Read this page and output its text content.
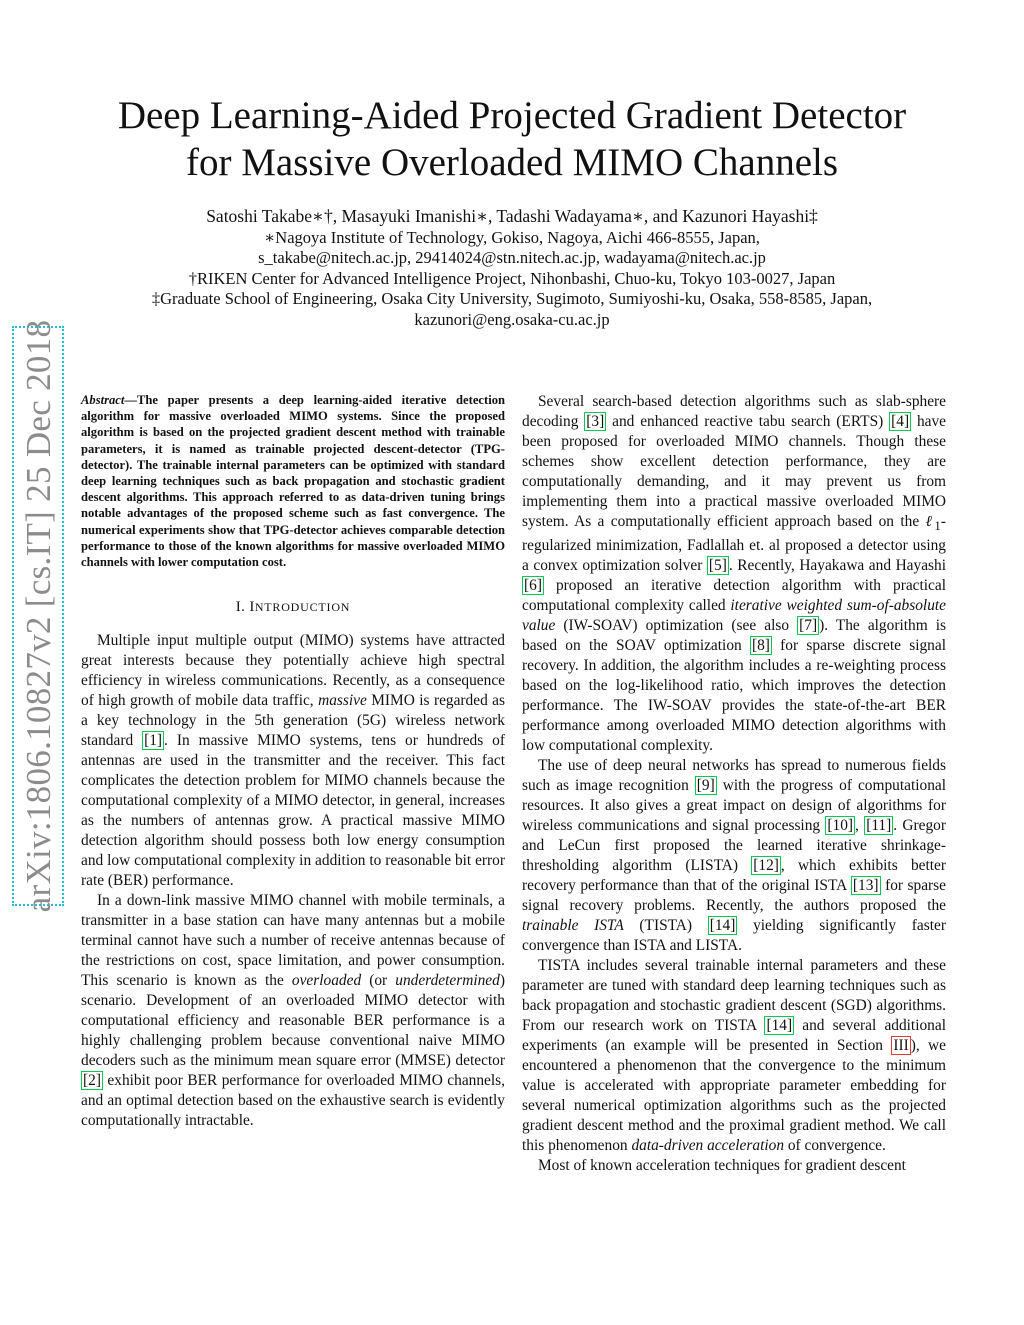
Deep Learning-Aided Projected Gradient Detector
for Massive Overloaded MIMO Channels
Satoshi Takabe∗†, Masayuki Imanishi∗, Tadashi Wadayama∗, and Kazunori Hayashi‡
∗Nagoya Institute of Technology, Gokiso, Nagoya, Aichi 466-8555, Japan,
s_takabe@nitech.ac.jp, 29414024@stn.nitech.ac.jp, wadayama@nitech.ac.jp
†RIKEN Center for Advanced Intelligence Project, Nihonbashi, Chuo-ku, Tokyo 103-0027, Japan
‡Graduate School of Engineering, Osaka City University, Sugimoto, Sumiyoshi-ku, Osaka, 558-8585, Japan,
kazunori@eng.osaka-cu.ac.jp
arXiv:1806.10827v2 [cs.IT] 25 Dec 2018 Abstract—The paper presents a deep learning-aided iterative detection algorithm for massive overloaded MIMO systems. Since the proposed algorithm is based on the projected gradient descent method with trainable parameters, it is named as trainable projected descent-detector (TPG-detector). The trainable internal parameters can be optimized with standard deep learning techniques such as back propagation and stochastic gradient descent algorithms. This approach referred to as data-driven tuning brings notable advantages of the proposed scheme such as fast convergence. The numerical experiments show that TPG-detector achieves comparable detection performance to those of the known algorithms for massive overloaded MIMO channels with lower computation cost.

I. INTRODUCTION

Multiple input multiple output (MIMO) systems have attracted great interests because they potentially achieve high spectral efficiency in wireless communications. Recently, as a consequence of high growth of mobile data traffic, massive MIMO is regarded as a key technology in the 5th generation (5G) wireless network standard [1] . In massive MIMO systems, tens or hundreds of antennas are used in the transmitter and the receiver. This fact complicates the detection problem for MIMO channels because the computational complexity of a MIMO detector, in general, increases as the numbers of antennas grow. A practical massive MIMO detection algorithm should possess both low energy consumption and low computational complexity in addition to reasonable bit error rate (BER) performance.

In a down-link massive MIMO channel with mobile terminals, a transmitter in a base station can have many antennas but a mobile terminal cannot have such a number of receive antennas because of the restrictions on cost, space limitation, and power consumption. This scenario is known as the overloaded (or underdetermined) scenario. Development of an overloaded MIMO detector with computational efficiency and reasonable BER performance is a highly challenging problem because conventional naive MIMO decoders such as the minimum mean square error (MMSE) detector [2] exhibit poor BER performance for overloaded MIMO channels, and an optimal detection based on the exhaustive search is evidently computationally intractable.

Several search-based detection algorithms such as slab-sphere decoding [3] and enhanced reactive tabu search (ERTS) [4] have been proposed for overloaded MIMO channels. Though these schemes show excellent detection performance, they are computationally demanding, and it may prevent us from implementing them into a practical massive overloaded MIMO system. As a computationally efficient approach based on the ℓ$_1$-regularized minimization, Fadlallah et. al proposed a detector using a convex optimization solver [5] . Recently, Hayakawa and Hayashi [6] proposed an iterative detection algorithm with practical computational complexity called iterative weighted sum-of-absolute value (IW-SOAV) optimization (see also [7] ). The algorithm is based on the SOAV optimization [8] for sparse discrete signal recovery. In addition, the algorithm includes a re-weighting process based on the log-likelihood ratio, which improves the detection performance. The IW-SOAV provides the state-of-the-art BER performance among overloaded MIMO detection algorithms with low computational complexity.

The use of deep neural networks has spread to numerous fields such as image recognition [9] with the progress of computational resources. It also gives a great impact on design of algorithms for wireless communications and signal processing [10] , [11] . Gregor and LeCun first proposed the learned iterative shrinkage-thresholding algorithm (LISTA) [12] , which exhibits better recovery performance than that of the original ISTA [13] for sparse signal recovery problems. Recently, the authors proposed the trainable ISTA (TISTA) [14] yielding significantly faster convergence than ISTA and LISTA.

TISTA includes several trainable internal parameters and these parameter are tuned with standard deep learning techniques such as back propagation and stochastic gradient descent (SGD) algorithms. From our research work on TISTA [14] and several additional experiments (an example will be presented in Section III ), we encountered a phenomenon that the convergence to the minimum value is accelerated with appropriate parameter embedding for several numerical optimization algorithms such as the projected gradient descent method and the proximal gradient method. We call this phenomenon data-driven acceleration of convergence.

Most of known acceleration techniques for gradient descent
